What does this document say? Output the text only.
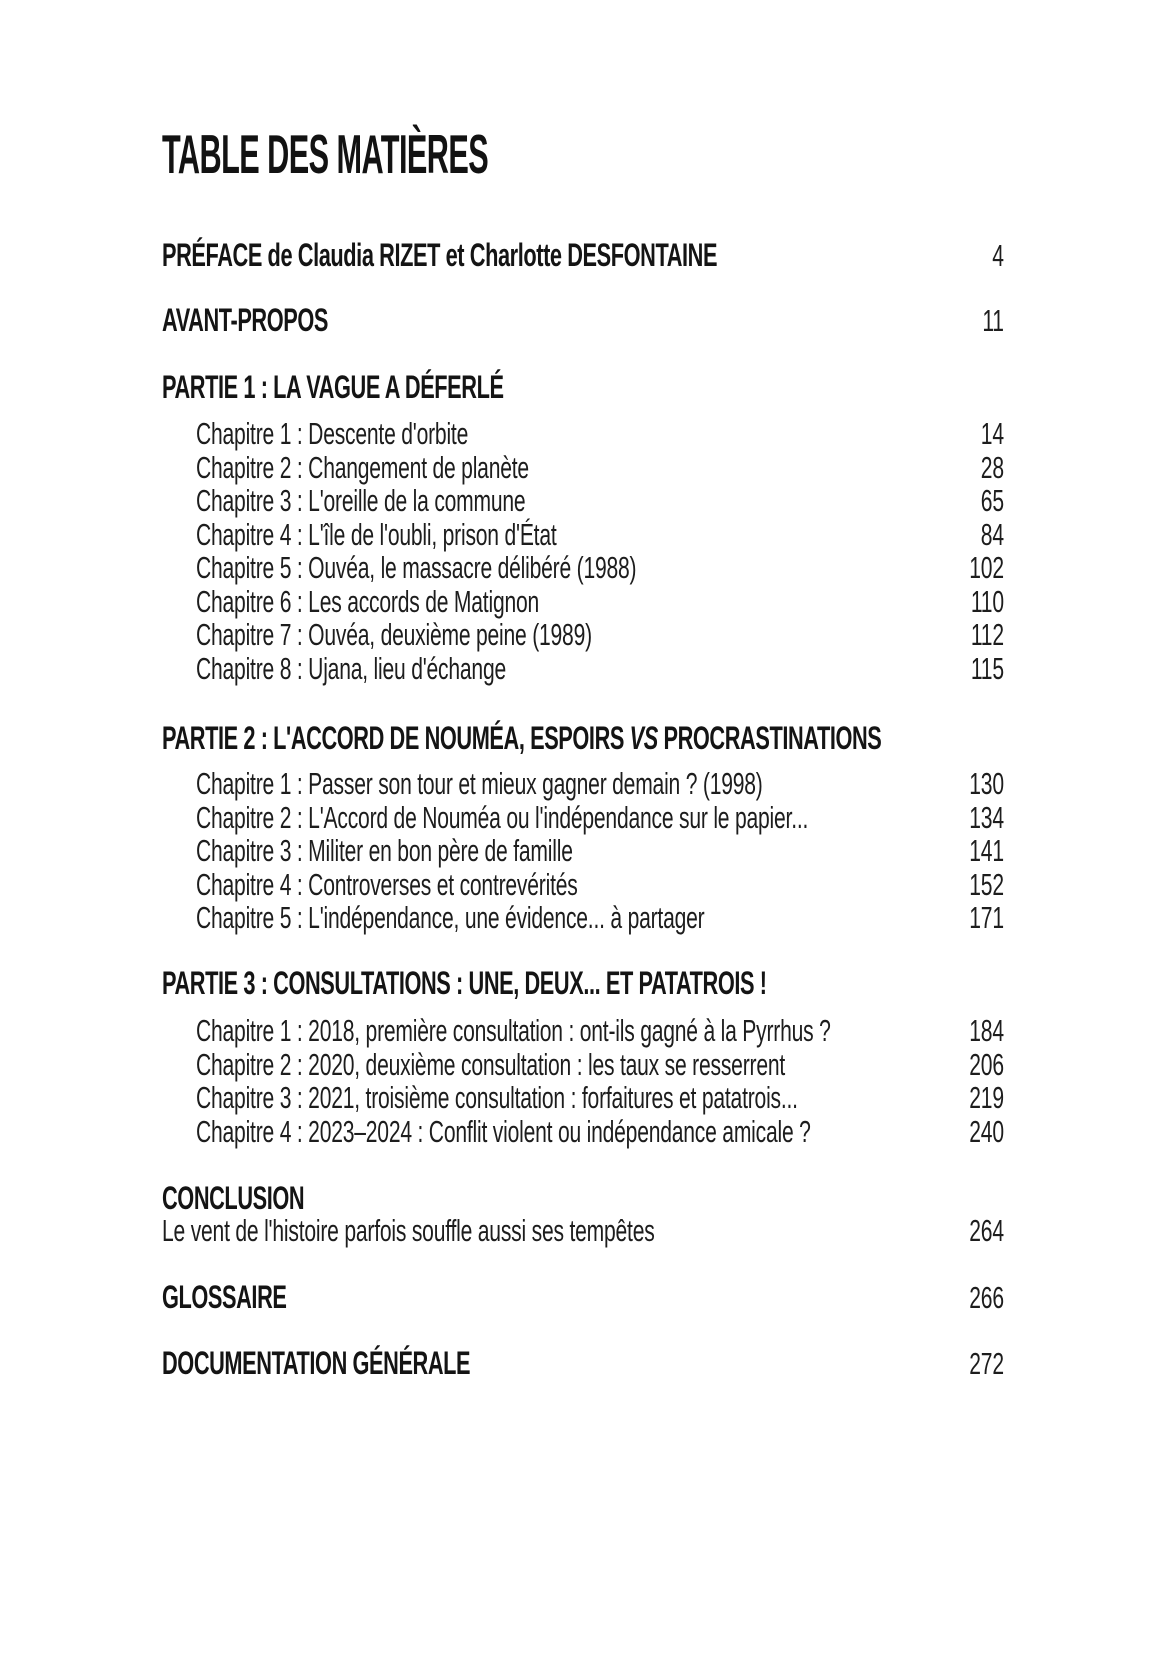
TABLE DES MATIÈRES
PRÉFACE de Claudia RIZET et Charlotte DESFONTAINE	4
AVANT-PROPOS	11
PARTIE 1 : LA VAGUE A DÉFERLÉ
Chapitre 1 : Descente d'orbite	14
Chapitre 2 : Changement de planète	28
Chapitre 3 : L'oreille de la commune	65
Chapitre 4 : L'île de l'oubli, prison d'État	84
Chapitre 5 : Ouvéa, le massacre délibéré (1988)	102
Chapitre 6 : Les accords de Matignon	110
Chapitre 7 : Ouvéa, deuxième peine (1989)	112
Chapitre 8 : Ujana, lieu d'échange	115
PARTIE 2 : L'ACCORD DE NOUMÉA, ESPOIRS VS PROCRASTINATIONS
Chapitre 1 : Passer son tour et mieux gagner demain ? (1998)	130
Chapitre 2 : L'Accord de Nouméa ou l'indépendance sur le papier...	134
Chapitre 3 : Militer en bon père de famille	141
Chapitre 4 : Controverses et contrevérités	152
Chapitre 5 : L'indépendance, une évidence... à partager	171
PARTIE 3 : CONSULTATIONS : UNE, DEUX... ET PATATROIS !
Chapitre 1 : 2018, première consultation : ont-ils gagné à la Pyrrhus ?	184
Chapitre 2 : 2020, deuxième consultation : les taux se resserrent	206
Chapitre 3 : 2021, troisième consultation : forfaitures et patatrois...	219
Chapitre 4 : 2023–2024 : Conflit violent ou indépendance amicale ?	240
CONCLUSION
Le vent de l'histoire parfois souffle aussi ses tempêtes	264
GLOSSAIRE	266
DOCUMENTATION GÉNÉRALE	272
